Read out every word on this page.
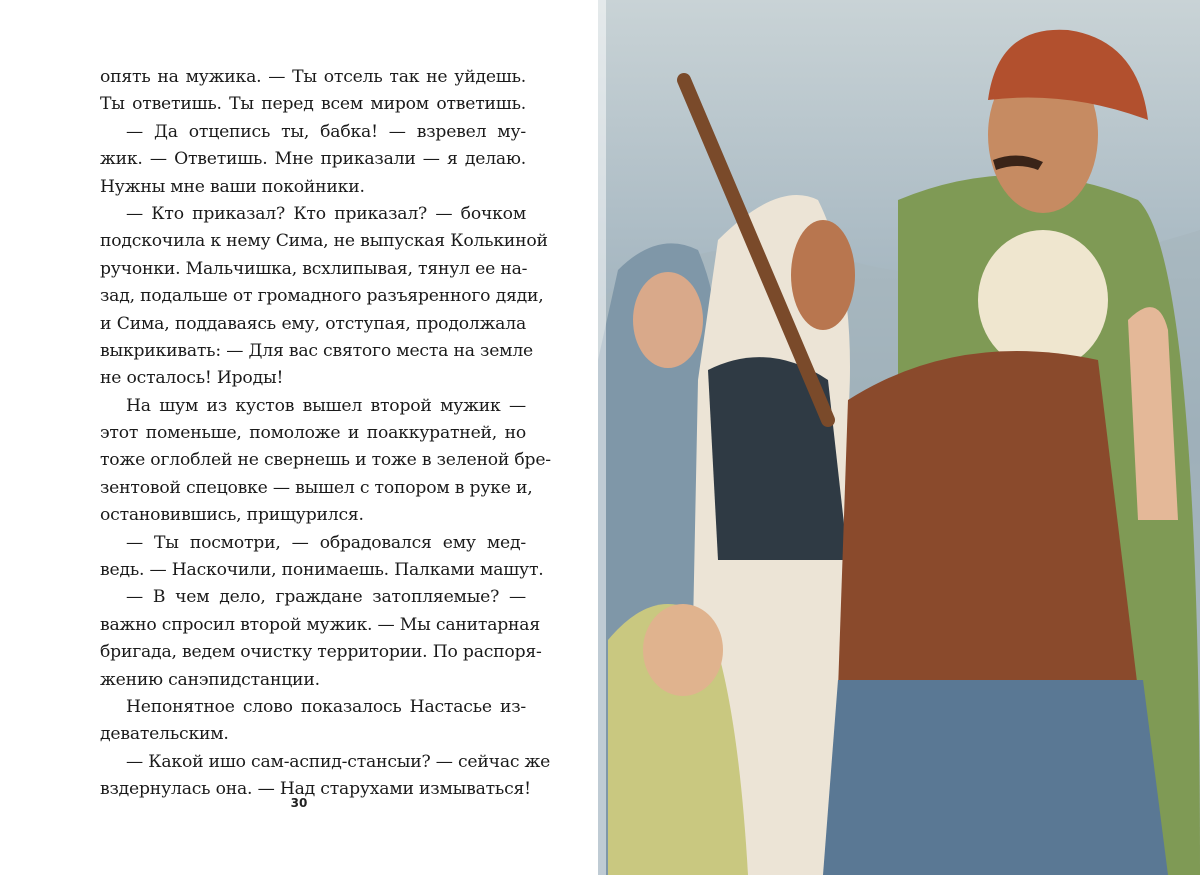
опять на мужика. — Ты отсель так не уйдешь.
Ты ответишь. Ты перед всем миром ответишь.
— Да отцепись ты, бабка! — взревел му-
жик. — Ответишь. Мне приказали — я делаю.
Нужны мне ваши покойники.
— Кто приказал? Кто приказал? — бочком
подскочила к нему Сима, не выпуская Колькиной
ручонки. Мальчишка, всхлипывая, тянул ее на-
зад, подальше от громадного разъяренного дяди,
и Сима, поддаваясь ему, отступая, продолжала
выкрикивать: — Для вас святого места на земле
не осталось! Ироды!
На шум из кустов вышел второй мужик —
этот поменьше, помоложе и поаккуратней, но
тоже оглоблей не свернешь и тоже в зеленой бре-
зентовой спецовке — вышел с топором в руке и,
остановившись, прищурился.
— Ты посмотри, — обрадовался ему мед-
ведь. — Наскочили, понимаешь. Палками машут.
— В чем дело, граждане затопляемые? —
важно спросил второй мужик. — Мы санитарная
бригада, ведем очистку территории. По распоря-
жению санэпидстанции.
Непонятное слово показалось Настасье из-
девательским.
— Какой ишо сам-аспид-стансыи? — сейчас же
вздернулась она. — Над старухами измываться!
30
